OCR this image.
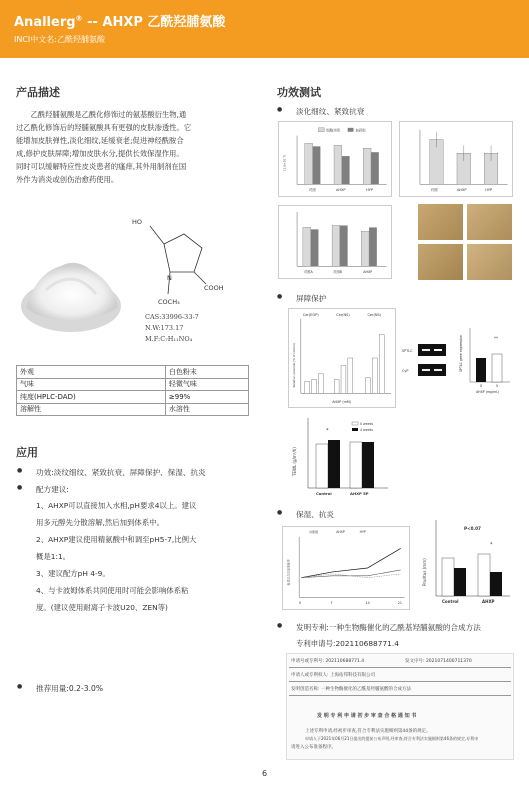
Anallerg® -- AHXP 乙酰羟脯氨酸
INCI中文名:乙酰羟脯氨酸
产品描述
乙酰羟脯氨酸是乙酰化修饰过的氨基酸衍生物,通
过乙酰化修饰后的羟脯氨酸具有更强的皮肤渗透性。它
能增加皮肤弹性,淡化细纹,延缓衰老;促进神经酰胺合
成,修护皮肤屏障;增加皮肤水分,提供长效保湿作用。
同时可以缓解特应性皮炎患者的瘙痒,其外用制剂在国
外作为消炎或创伤治愈药使用。
HO
COOH
N
COCH₃
CAS:33996-33-7
N.W:173.17
M.F:C₇H₁₁NO₄
外观	白色粉末
气味	轻微气味
纯度(HPLC-DAD)	≥99%
溶解性	水溶性
应用
● 功效:淡纹细纹、紧致抗衰、屏障保护、保湿、抗炎
● 配方建议:
1、AHXP可以直接加入水相,pH要求4以上。建议
用多元醇先分散溶解,然后加到体系中。
2、AHXP建议使用精氨酸中和调至pH5-7,比例大
概是1:1。
3、建议配方pH 4-9。
4、与卡波姆体系共同使用时可能会影响体系粘
度。(建议使用耐离子卡波U20、ZEN等)
● 推荐用量:0.2-3.0%
功效测试
● 淡化细纹、紧致抗衰
细胞对照	加药组
(1.0×10⁻⁶)
对照	AHXP	HYP	对照	AHXP	HYP
对照A	对照B	AHXP
● 屏障保护
Cer(EOP)	Cer(NS)	Cer(NS)
Relative ceramide (% of control)
AHXP (mM)
SPTLC
CyP	SPTLC gene expression	**
0	5
AHXP (mg/mL)
TEWL (g/m²/h)
0 weeks
4 weeks
*
Control	AHXP 5P
● 保湿、抗炎
对照组	AHXP	HYP
角质层含水量变化率
0	7	14	21
Pruritus (mm)
P<0.07
*
Control	AHXP
● 发明专利:一种生物酶催化的乙酰基羟脯氨酸的合成方法
专利申请号:202110688771.4
申请号或专利号: 202110688771.4	发文序号: 2021071400711370
申请人或专利权人: 上海佑邦科技有限公司
发明创造名称: 一种生物酶催化的乙酰基羟脯氨酸的合成方法
发 明 专 利 申 请 初 步 审 查 合 格 通 知 书
上述专利申请,经初步审查,符合专利法实施细则第44条的规定。
申请人于2021年06月21日提出的提前公布声明,经审查,符合专利法实施细则第46条的规定,专利申
请进入公布准备程序。
6
